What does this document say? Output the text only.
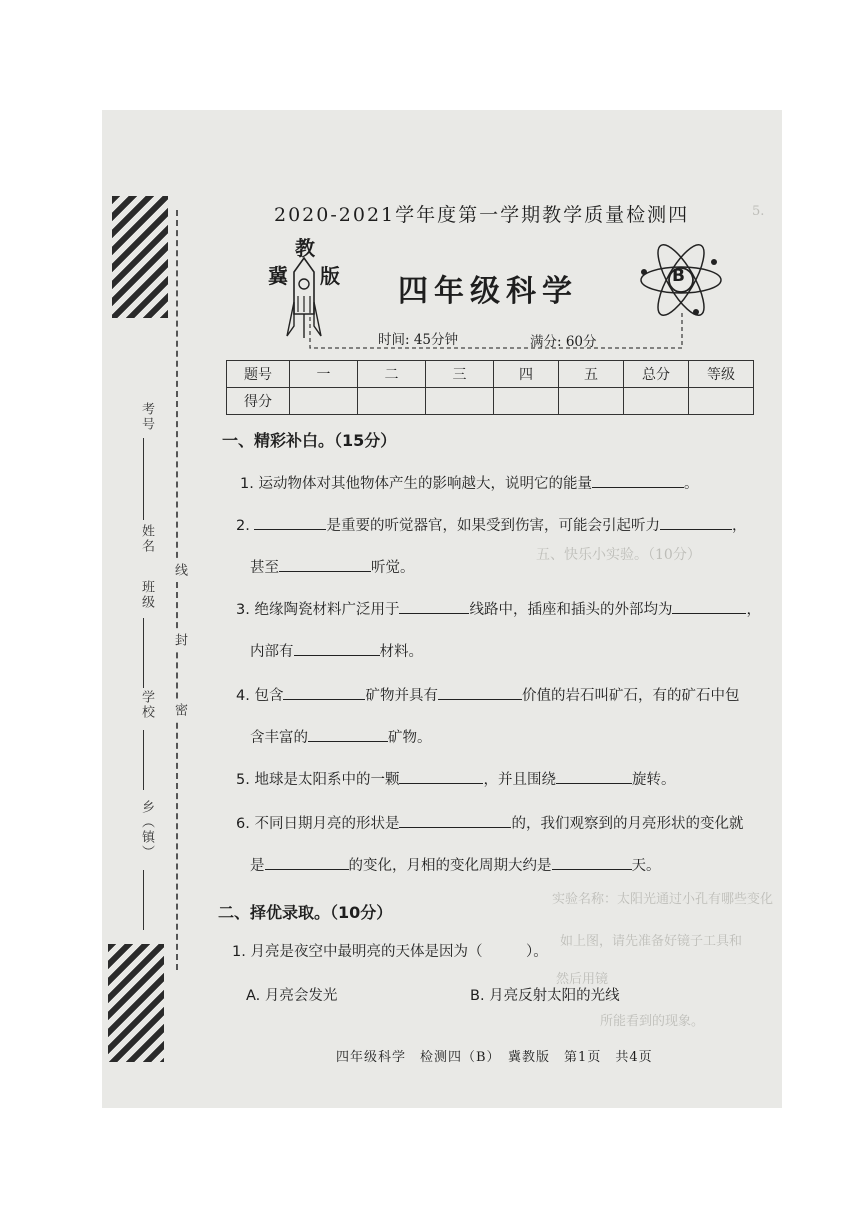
5.
五、快乐小实验。（10分）
实验名称：太阳光通过小孔有哪些变化
如上图，请先准备好镜子工具和
然后用镜
所能看到的现象。
考号
姓名
班级
学校
乡（镇）
线
封
密
2020-2021学年度第一学期教学质量检测四
教
冀 版 四年级科学	B
时间: 45分钟	满分: 60分
题号	一	二	三	四	五	总分	等级
得分							
一、精彩补白。（15分）
1. 运动物体对其他物体产生的影响越大，说明它的能量	。
2.	是重要的听觉器官，如果受到伤害，可能会引起听力	，
甚至	听觉。
3. 绝缘陶瓷材料广泛用于	线路中，插座和插头的外部均为	，
内部有	材料。
4. 包含	矿物并具有	价值的岩石叫矿石，有的矿石中包
含丰富的	矿物。
5. 地球是太阳系中的一颗	，并且围绕	旋转。
6. 不同日期月亮的形状是	的，我们观察到的月亮形状的变化就
是	的变化，月相的变化周期大约是	天。
二、择优录取。（10分）
1. 月亮是夜空中最明亮的天体是因为（　　　）。
A. 月亮会发光	B. 月亮反射太阳的光线
四年级科学　检测四（B）　冀教版　第1页　共4页
